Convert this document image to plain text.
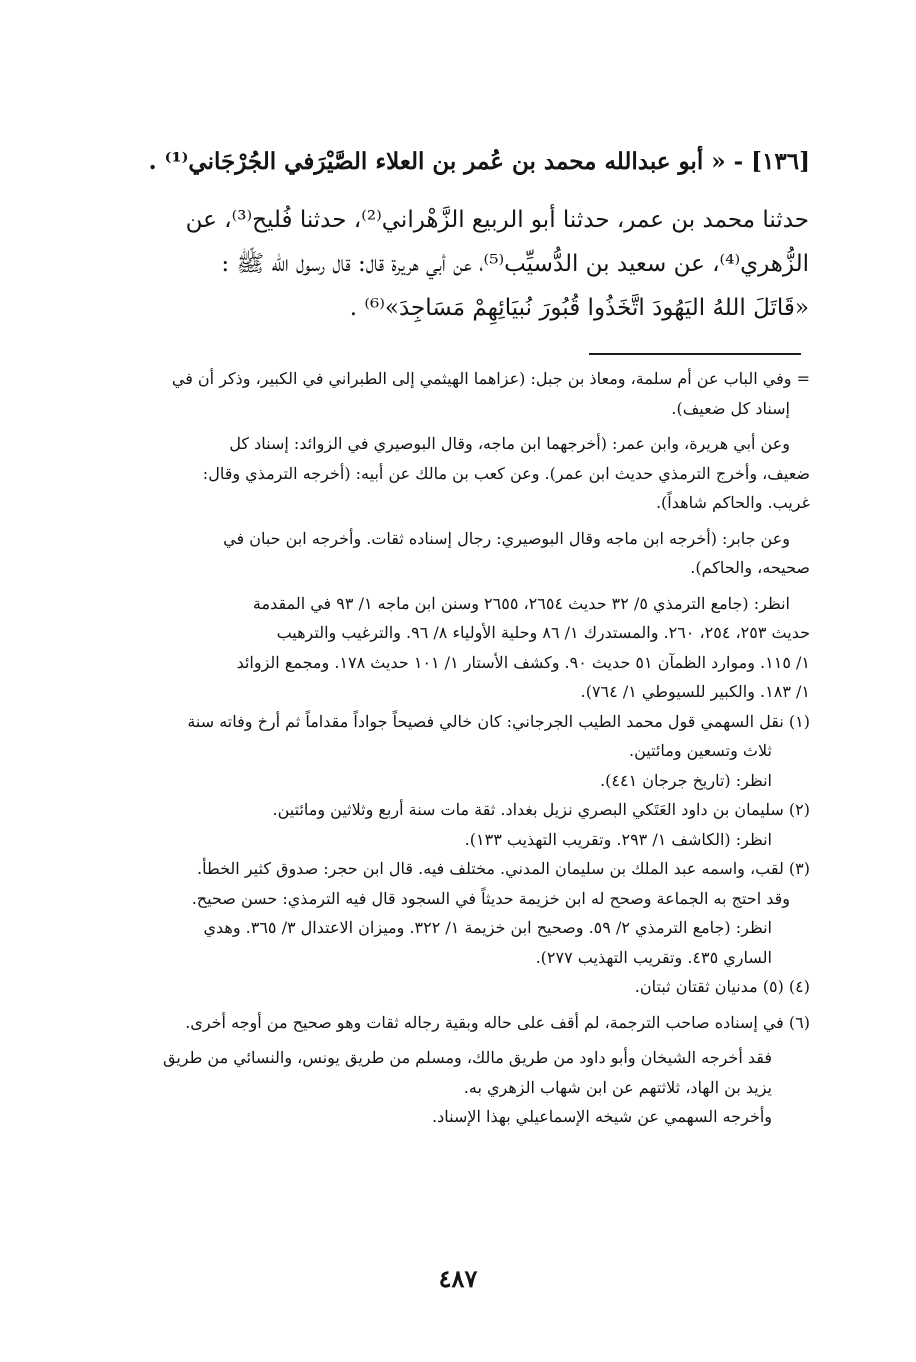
[١٣٦] - « أبو عبدالله محمد بن عُمر بن العلاء الصَّيْرَفي الجُرْجَاني⁽¹⁾ .
حدثنا محمد بن عمر، حدثنا أبو الربيع الزَّهْراني⁽²⁾، حدثنا فُليح⁽³⁾، عن
الزُّهري⁽⁴⁾، عن سعيد بن الدُّسيِّب⁽⁵⁾، عن أبي هريرة قال: قال رسول الله ﷺ :
«قَاتَلَ اللهُ اليَهُودَ اتَّخَذُوا قُبُورَ نُبيَائِهِمْ مَسَاجِدَ»⁽⁶⁾ .
= وفي الباب عن أم سلمة، ومعاذ بن جبل: (عزاهما الهيثمي إلى الطبراني في الكبير، وذكر أن في
إسناد كل ضعيف).
وعن أبي هريرة، وابن عمر: (أخرجهما ابن ماجه، وقال البوصيري في الزوائد: إسناد كل
ضعيف، وأخرج الترمذي حديث ابن عمر). وعن كعب بن مالك عن أبيه: (أخرجه الترمذي وقال:
غريب. والحاكم شاهداً).
وعن جابر: (أخرجه ابن ماجه وقال البوصيري: رجال إسناده ثقات. وأخرجه ابن حبان في
صحيحه، والحاكم).
انظر: (جامع الترمذي ٥/ ٣٢ حديث ٢٦٥٤، ٢٦٥٥ وسنن ابن ماجه ١/ ٩٣ في المقدمة
حديث ٢٥٣، ٢٥٤، ٢٦٠. والمستدرك ١/ ٨٦ وحلية الأولياء ٨/ ٩٦. والترغيب والترهيب
١/ ١١٥. وموارد الظمآن ٥١ حديث ٩٠. وكشف الأستار ١/ ١٠١ حديث ١٧٨. ومجمع الزوائد
١/ ١٨٣. والكبير للسيوطي ١/ ٧٦٤).
(١) نقل السهمي قول محمد الطيب الجرجاني: كان خالي فصيحاً جواداً مقداماً ثم أرخ وفاته سنة
ثلاث وتسعين ومائتين.
انظر: (تاريخ جرجان ٤٤١).
(٢) سليمان بن داود العَتَكي البصري نزيل بغداد. ثقة مات سنة أربع وثلاثين ومائتين.
انظر: (الكاشف ١/ ٢٩٣. وتقريب التهذيب ١٣٣).
(٣) لقب، واسمه عبد الملك بن سليمان المدني. مختلف فيه. قال ابن حجر: صدوق كثير الخطأ.
وقد احتج به الجماعة وصحح له ابن خزيمة حديثاً في السجود قال فيه الترمذي: حسن صحيح.
انظر: (جامع الترمذي ٢/ ٥٩. وصحيح ابن خزيمة ١/ ٣٢٢. وميزان الاعتدال ٣/ ٣٦٥. وهدي
الساري ٤٣٥. وتقريب التهذيب ٢٧٧).
(٤) (٥) مدنيان ثقتان ثبتان.
(٦) في إسناده صاحب الترجمة، لم أقف على حاله وبقية رجاله ثقات وهو صحيح من أوجه أخرى.
فقد أخرجه الشيخان وأبو داود من طريق مالك، ومسلم من طريق يونس، والنسائي من طريق
يزيد بن الهاد، ثلاثتهم عن ابن شهاب الزهري به.
وأخرجه السهمي عن شيخه الإسماعيلي بهذا الإسناد.
٤٨٧
